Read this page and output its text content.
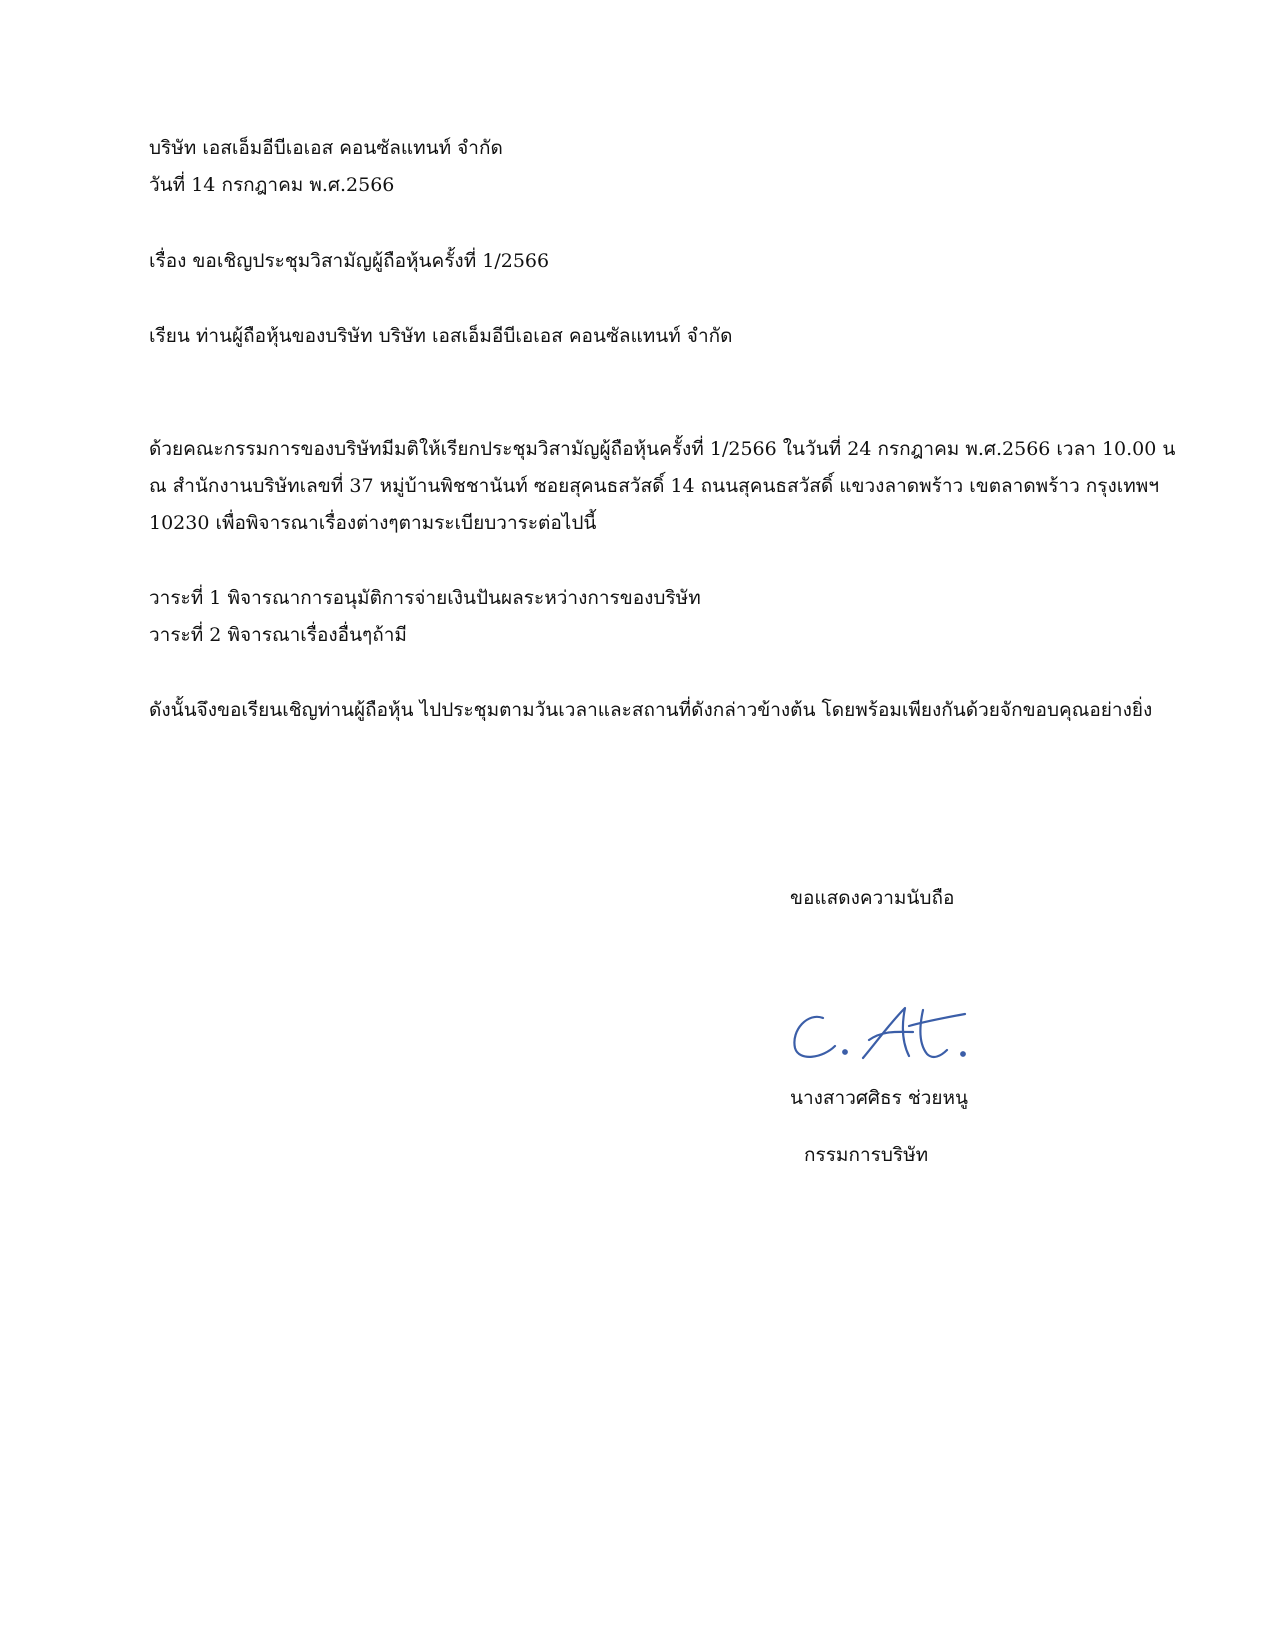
บริษัท เอสเอ็มอีบีเอเอส คอนซัลแทนท์ จำกัด

วันที่ 14 กรกฎาคม พ.ศ.2566

เรื่อง ขอเชิญประชุมวิสามัญผู้ถือหุ้นครั้งที่ 1/2566

เรียน ท่านผู้ถือหุ้นของบริษัท บริษัท เอสเอ็มอีบีเอเอส คอนซัลแทนท์ จำกัด

ด้วยคณะกรรมการของบริษัทมีมติให้เรียกประชุมวิสามัญผู้ถือหุ้นครั้งที่ 1/2566 ในวันที่ 24 กรกฎาคม พ.ศ.2566 เวลา 10.00 น

ณ สำนักงานบริษัทเลขที่ 37 หมู่บ้านพิชชานันท์ ซอยสุคนธสวัสดิ์ 14 ถนนสุคนธสวัสดิ์ แขวงลาดพร้าว เขตลาดพร้าว กรุงเทพฯ

10230 เพื่อพิจารณาเรื่องต่างๆตามระเบียบวาระต่อไปนี้

วาระที่ 1 พิจารณาการอนุมัติการจ่ายเงินปันผลระหว่างการของบริษัท

วาระที่ 2 พิจารณาเรื่องอื่นๆถ้ามี

ดังนั้นจึงขอเรียนเชิญท่านผู้ถือหุ้น ไปประชุมตามวันเวลาและสถานที่ดังกล่าวข้างต้น โดยพร้อมเพียงกันด้วยจักขอบคุณอย่างยิ่ง

ขอแสดงความนับถือ
นางสาวศศิธร ช่วยหนู
กรรมการบริษัท
